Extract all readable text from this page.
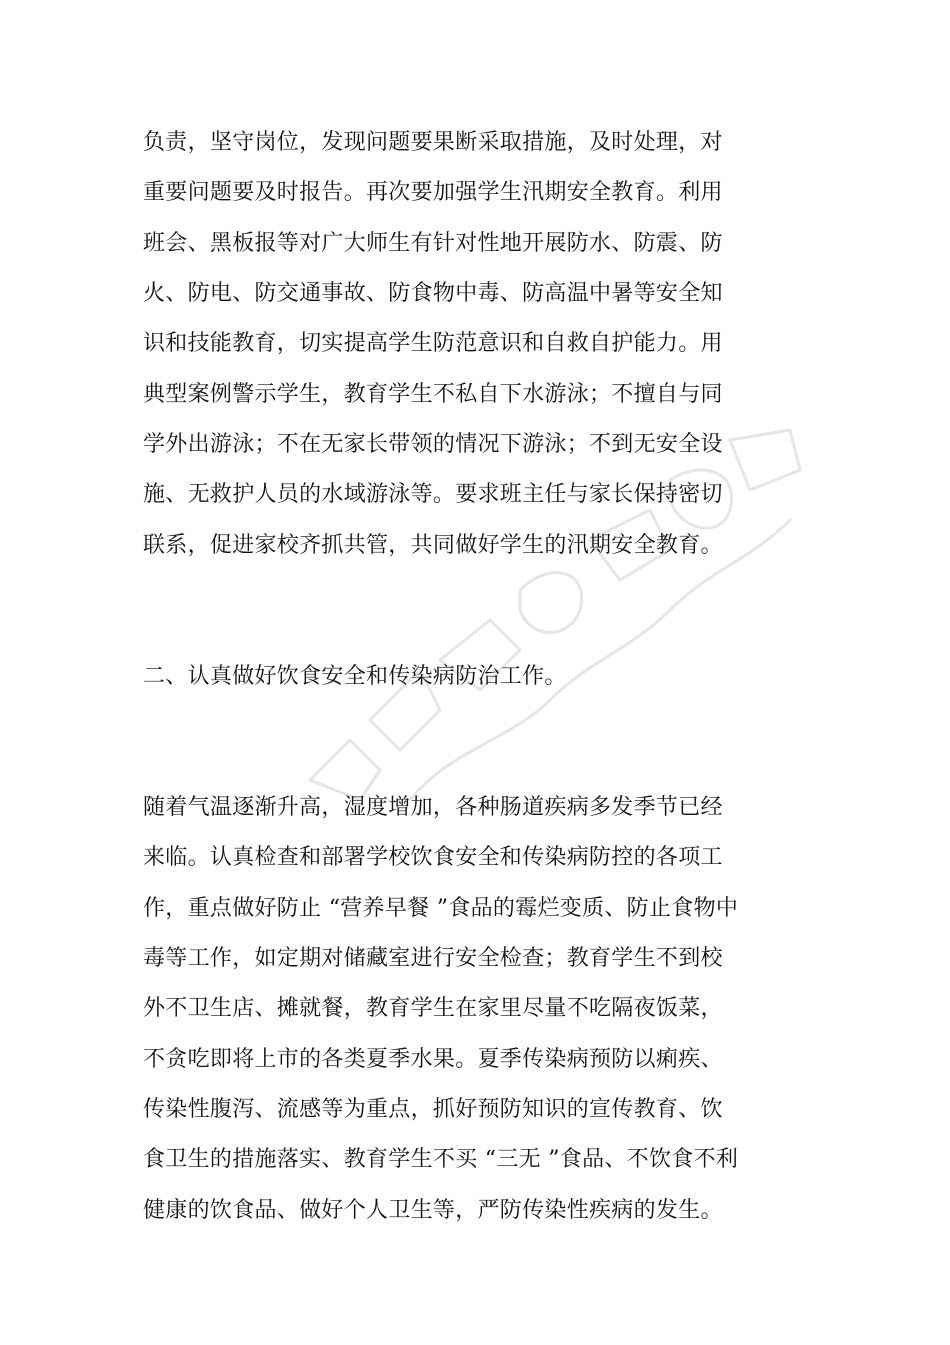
负责，坚守岗位，发现问题要果断采取措施，及时处理，对
重要问题要及时报告。再次要加强学生汛期安全教育。利用
班会、黑板报等对广大师生有针对性地开展防水、防震、防
火、防电、防交通事故、防食物中毒、防高温中暑等安全知
识和技能教育，切实提高学生防范意识和自救自护能力。用
典型案例警示学生，教育学生不私自下水游泳；不擅自与同
学外出游泳；不在无家长带领的情况下游泳；不到无安全设
施、无救护人员的水域游泳等。要求班主任与家长保持密切
联系，促进家校齐抓共管，共同做好学生的汛期安全教育。
二、认真做好饮食安全和传染病防治工作。
随着气温逐渐升高，湿度增加，各种肠道疾病多发季节已经
来临。认真检查和部署学校饮食安全和传染病防控的各项工
作，重点做好防止 “营养早餐 ”食品的霉烂变质、防止食物中
毒等工作，如定期对储藏室进行安全检查；教育学生不到校
外不卫生店、摊就餐，教育学生在家里尽量不吃隔夜饭菜，
不贪吃即将上市的各类夏季水果。夏季传染病预防以痢疾、
传染性腹泻、流感等为重点，抓好预防知识的宣传教育、饮
食卫生的措施落实、教育学生不买 “三无 ”食品、不饮食不利
健康的饮食品、做好个人卫生等，严防传染性疾病的发生。
